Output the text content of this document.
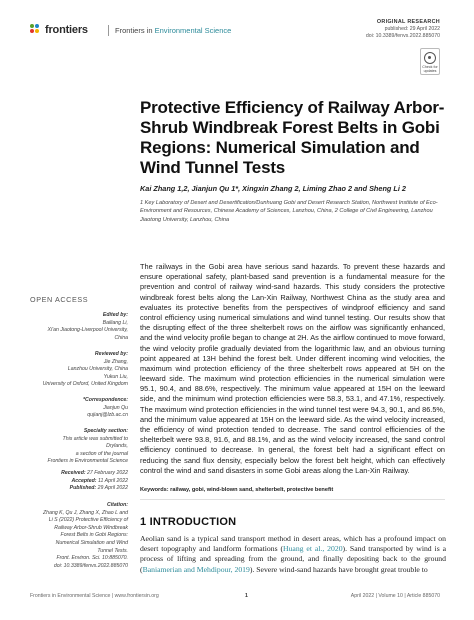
frontiers	Frontiers in Environmental Science
ORIGINAL RESEARCH
published: 29 April 2022
doi: 10.3389/fenvs.2022.885070
Check for updates
Protective Efficiency of Railway Arbor-Shrub Windbreak Forest Belts in Gobi Regions: Numerical Simulation and Wind Tunnel Tests
Kai Zhang 1,2, Jianjun Qu 1*, Xingxin Zhang 2, Liming Zhao 2 and Sheng Li 2
1 Key Laboratory of Desert and Desertification/Dunhuang Gobi and Desert Research Station, Northwest Institute of Eco-Environment and Resources, Chinese Academy of Sciences, Lanzhou, China, 2 College of Civil Engineering, Lanzhou Jiaotong University, Lanzhou, China
The railways in the Gobi area have serious sand hazards. To prevent these hazards and ensure operational safety, plant-based sand prevention is a fundamental measure for the prevention and control of railway wind-sand hazards. This study considers the protective windbreak forest belts along the Lan-Xin Railway, Northwest China as the study area and evaluates its protective benefits from the perspectives of windproof efficiency and sand control efficiency using numerical simulations and wind tunnel testing. Our results show that the disrupting effect of the three shelterbelt rows on the airflow was significantly enhanced, and the wind velocity profile began to change at 2H. As the airflow continued to move forward, the wind velocity profile gradually deviated from the logarithmic law, and an obvious turning point appeared at 13H behind the forest belt. Under different incoming wind velocities, the maximum wind protection efficiency of the three shelterbelt rows appeared at 5H on the leeward side. The maximum wind protection efficiencies in the numerical simulation were 95.1, 90.4, and 88.6%, respectively. The minimum value appeared at 15H on the leeward side, and the minimum wind protection efficiencies were 58.3, 53.1, and 47.1%, respectively. The maximum wind protection efficiencies in the wind tunnel test were 94.3, 90.1, and 86.5%, and the minimum value appeared at 15H on the leeward side. As the wind velocity increased, the efficiency of wind protection tended to decrease. The sand control efficiencies of the shelterbelt were 93.8, 91.6, and 88.1%, and as the wind velocity increased, the sand control efficiency continued to decrease. In general, the forest belt had a significant effect on reducing the sand flux density, especially below the forest belt height, which can effectively control the wind and sand disasters in some Gobi areas along the Lan-Xin Railway.
OPEN ACCESS
Edited by:
Bailiang Li,
Xi'an Jiaotong-Liverpool University,
China
Reviewed by:
Jie Zhang,
Lanzhou University, China
Yukun Liu,
University of Oxford, United Kingdom
*Correspondence:
Jianjun Qu
qujianj@lzb.ac.cn
Specialty section:
This article was submitted to
Drylands,
a section of the journal
Frontiers in Environmental Science
Received: 27 February 2022
Accepted: 11 April 2022
Published: 29 April 2022
Citation:
Zhang K, Qu J, Zhang X, Zhao L and
Li S (2022) Protective Efficiency of
Railway Arbor-Shrub Windbreak
Forest Belts in Gobi Regions:
Numerical Simulation and Wind
Tunnel Tests.
Front. Environ. Sci. 10:885070.
doi: 10.3389/fenvs.2022.885070
Keywords: railway, gobi, wind-blown sand, shelterbelt, protective benefit
1 INTRODUCTION

Aeolian sand is a typical sand transport method in desert areas, which has a profound impact on desert topography and landform formations (Huang et al., 2020). Sand transported by wind is a process of lifting and spreading from the ground, and finally depositing back to the ground (Baniamerian and Mehdipour, 2019). Severe wind-sand hazards have brought great trouble to

Frontiers in Environmental Science | www.frontiersin.org	1	April 2022 | Volume 10 | Article 885070
